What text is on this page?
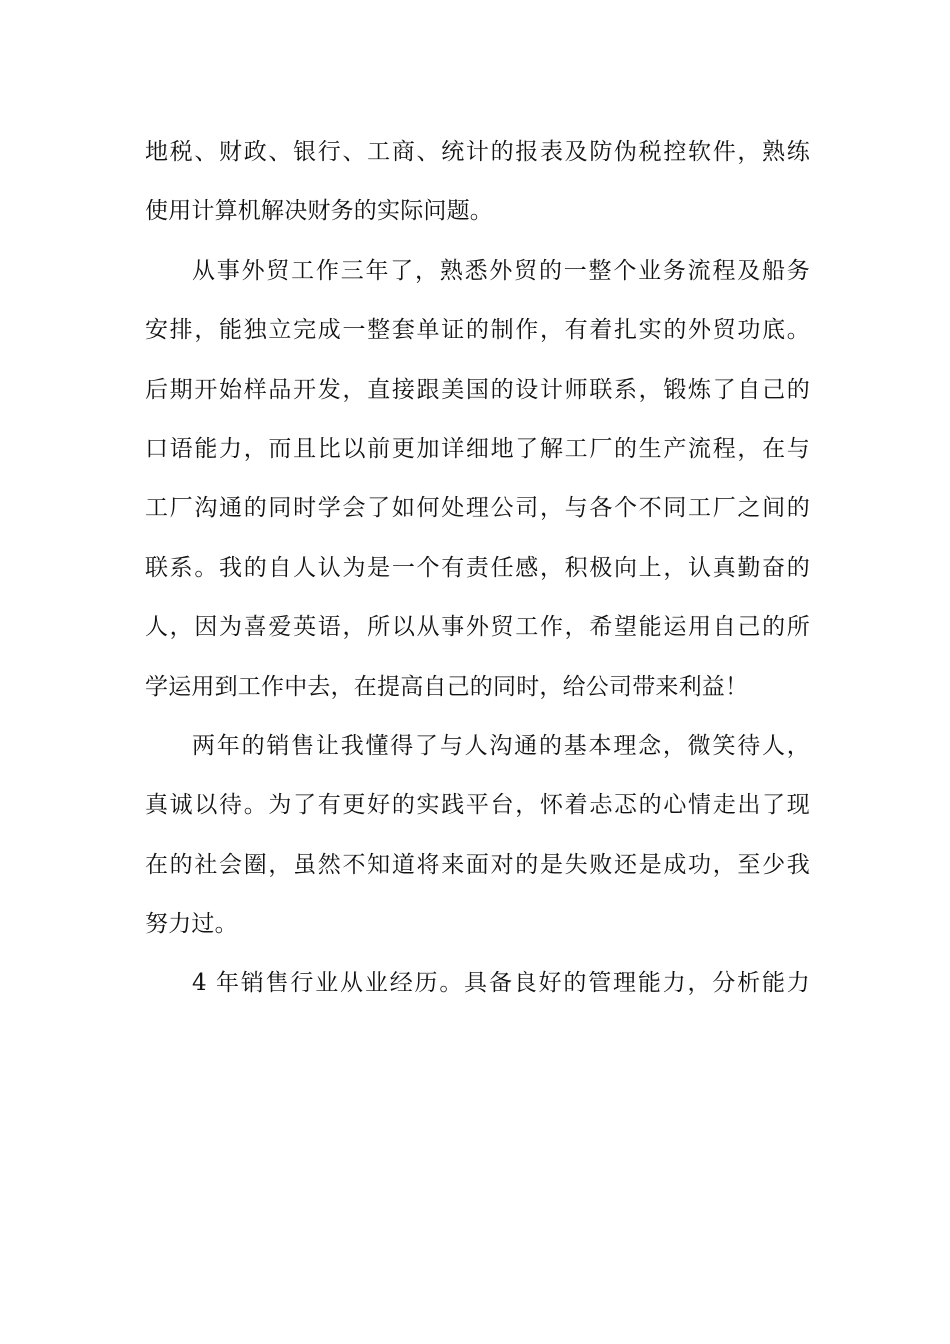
地税、财政、银行、工商、统计的报表及防伪税控软件，熟练
使用计算机解决财务的实际问题。
从事外贸工作三年了，熟悉外贸的一整个业务流程及船务
安排，能独立完成一整套单证的制作，有着扎实的外贸功底。
后期开始样品开发，直接跟美国的设计师联系，锻炼了自己的
口语能力，而且比以前更加详细地了解工厂的生产流程，在与
工厂沟通的同时学会了如何处理公司，与各个不同工厂之间的
联系。我的自人认为是一个有责任感，积极向上，认真勤奋的
人，因为喜爱英语，所以从事外贸工作，希望能运用自己的所
学运用到工作中去，在提高自己的同时，给公司带来利益！
两年的销售让我懂得了与人沟通的基本理念，微笑待人，
真诚以待。为了有更好的实践平台，怀着忐忑的心情走出了现
在的社会圈，虽然不知道将来面对的是失败还是成功，至少我
努力过。
4 年销售行业从业经历。具备良好的管理能力，分析能力
